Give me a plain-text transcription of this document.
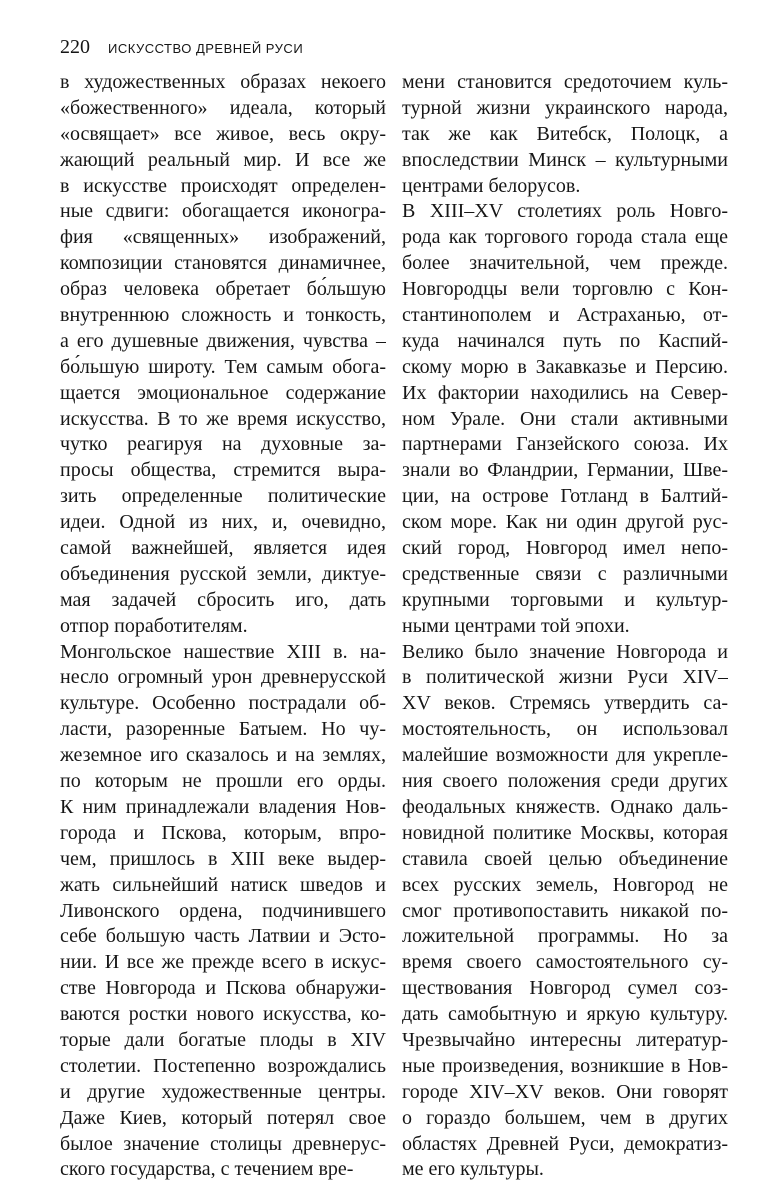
220 ИСКУССТВО ДРЕВНЕЙ РУСИ
в художественных образах некоего
«божественного» идеала, который
«освящает» все живое, весь окру-
жающий реальный мир. И все же
в искусстве происходят определен-
ные сдвиги: обогащается иконогра-
фия «священных» изображений,
композиции становятся динамичнее,
образ человека обретает бо́льшую
внутреннюю сложность и тонкость,
а его душевные движения, чувства –
бо́льшую широту. Тем самым обога-
щается эмоциональное содержание
искусства. В то же время искусство,
чутко реагируя на духовные за-
просы общества, стремится выра-
зить определенные политические
идеи. Одной из них, и, очевидно,
самой важнейшей, является идея
объединения русской земли, диктуе-
мая задачей сбросить иго, дать
отпор поработителям.
Монгольское нашествие XIII в. на-
несло огромный урон древнерусской
культуре. Особенно пострадали об-
ласти, разоренные Батыем. Но чу-
жеземное иго сказалось и на землях,
по которым не прошли его орды.
К ним принадлежали владения Нов-
города и Пскова, которым, впро-
чем, пришлось в XIII веке выдер-
жать сильнейший натиск шведов и
Ливонского ордена, подчинившего
себе большую часть Латвии и Эсто-
нии. И все же прежде всего в искус-
стве Новгорода и Пскова обнаружи-
ваются ростки нового искусства, ко-
торые дали богатые плоды в XIV
столетии. Постепенно возрождались
и другие художественные центры.
Даже Киев, который потерял свое
былое значение столицы древнерус-
ского государства, с течением вре-
мени становится средоточием куль-
турной жизни украинского народа,
так же как Витебск, Полоцк, а
впоследствии Минск – культурными
центрами белорусов.
В XIII–XV столетиях роль Новго-
рода как торгового города стала еще
более значительной, чем прежде.
Новгородцы вели торговлю с Кон-
стантинополем и Астраханью, от-
куда начинался путь по Каспий-
скому морю в Закавказье и Персию.
Их фактории находились на Север-
ном Урале. Они стали активными
партнерами Ганзейского союза. Их
знали во Фландрии, Германии, Шве-
ции, на острове Готланд в Балтий-
ском море. Как ни один другой рус-
ский город, Новгород имел непо-
средственные связи с различными
крупными торговыми и культур-
ными центрами той эпохи.
Велико было значение Новгорода и
в политической жизни Руси XIV–
XV веков. Стремясь утвердить са-
мостоятельность, он использовал
малейшие возможности для укрепле-
ния своего положения среди других
феодальных княжеств. Однако даль-
новидной политике Москвы, которая
ставила своей целью объединение
всех русских земель, Новгород не
смог противопоставить никакой по-
ложительной программы. Но за
время своего самостоятельного су-
ществования Новгород сумел соз-
дать самобытную и яркую культуру.
Чрезвычайно интересны литератур-
ные произведения, возникшие в Нов-
городе XIV–XV веков. Они говорят
о гораздо большем, чем в других
областях Древней Руси, демократиз-
ме его культуры.
